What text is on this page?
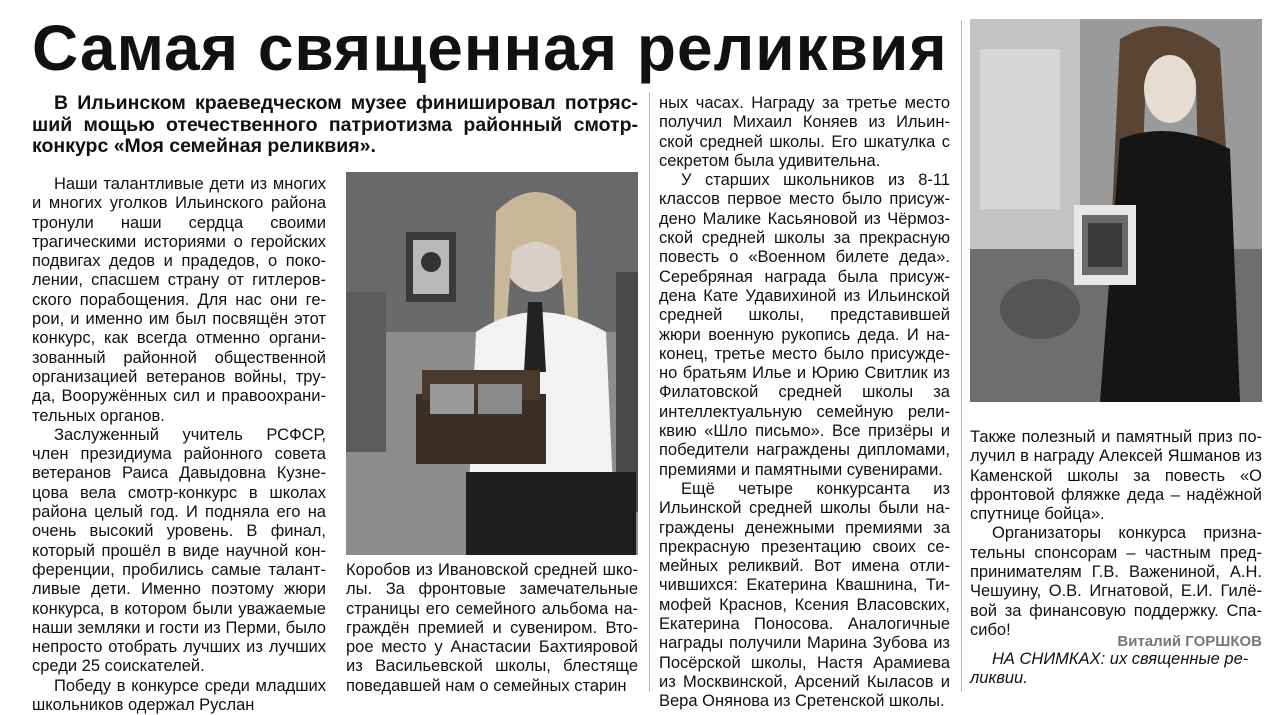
Самая священная реликвия
В Ильинском краеведческом музее финишировал потрясший мощью отечественного патриотизма районный смотр-конкурс «Моя семейная реликвия».

Наши талантливые дети из многих и многих уголков Ильинского района тронули наши сердца своими трагическими историями о геройских подвигах дедов и прадедов, о поколении, спасшем страну от гитлеровского порабощения. Для нас они герои, и именно им был посвящён этот конкурс, как всегда отменно организованный районной общественной организацией ветеранов войны, труда, Вооружённых сил и правоохранительных органов.

Заслуженный учитель РСФСР, член президиума районного совета ветеранов Раиса Давыдовна Кузнецова вела смотр-конкурс в школах района целый год. И подняла его на очень высокий уровень. В финал, который прошёл в виде научной конференции, пробились самые талантливые дети. Именно поэтому жюри конкурса, в котором были уважаемые наши земляки и гости из Перми, было непросто отобрать лучших из лучших среди 25 соискателей.

Победу в конкурсе среди младших школьников одержал Руслан

Коробов из Ивановской средней школы. За фронтовые замечательные страницы его семейного альбома награждён премией и сувениром. Второе место у Анастасии Бахтияровой из Васильевской школы, блестяще поведавшей нам о семейных старин

ных часах. Награду за третье место получил Михаил Коняев из Ильинской средней школы. Его шкатулка с секретом была удивительна.

У старших школьников из 8-11 классов первое место было присуждено Малике Касьяновой из Чёрмозской средней школы за прекрасную повесть о «Военном билете деда». Серебряная награда была присуждена Кате Удавихиной из Ильинской средней школы, представившей жюри военную рукопись деда. И наконец, третье место было присуждено братьям Илье и Юрию Свитлик из Филатовской средней школы за интеллектуальную семейную реликвию «Шло письмо». Все призёры и победители награждены дипломами, премиями и памятными сувенирами.

Ещё четыре конкурсанта из Ильинской средней школы были награждены денежными премиями за прекрасную презентацию своих семейных реликвий. Вот имена отличившихся: Екатерина Квашнина, Тимофей Краснов, Ксения Власовских, Екатерина Поносова. Аналогичные награды получили Марина Зубова из Посёрской школы, Настя Арамиева из Москвинской, Арсений Кыласов и Вера Онянова из Сретенской школы.

Также полезный и памятный приз получил в награду Алексей Яшманов из Каменской школы за повесть «О фронтовой фляжке деда – надёжной спутнице бойца».

Организаторы конкурса признательны спонсорам – частным предпринимателям Г.В. Важениной, А.Н. Чешуину, О.В. Игнатовой, Е.И. Гилёвой за финансовую поддержку. Спасибо!

Виталий ГОРШКОВ
НА СНИМКАХ: их священные реликвии.
